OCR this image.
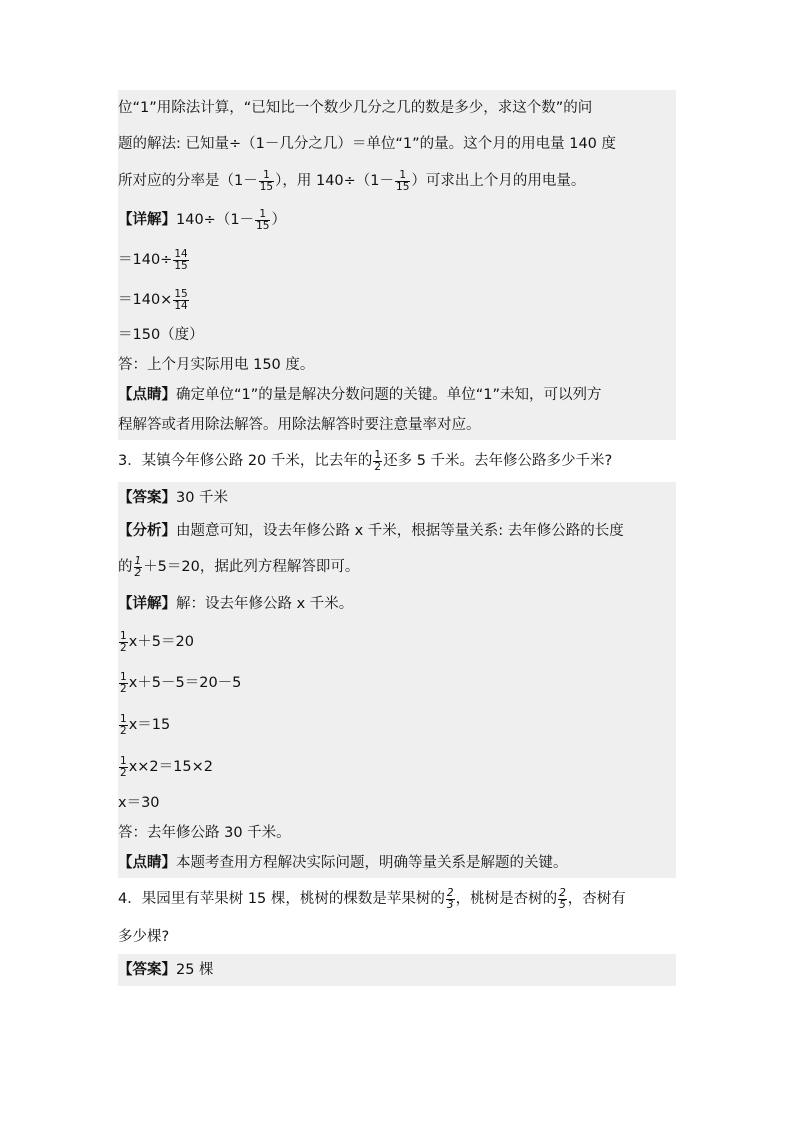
位“1”用除法计算，“已知比一个数少几分之几的数是多少，求这个数”的问
题的解法: 已知量÷（1－几分之几）＝单位“1”的量。这个月的用电量 140 度
所对应的分率是（$1- \frac{1}{15}$ ），用 $140\div(1- \frac{1}{15}$ ）可求出上个月的用电量。
【详解】$140\div(1- \frac{1}{15}$ ）
$=140\div \frac{14}{15}$
$=140\times \frac{15}{14}$
＝150（度）
答：上个月实际用电 150 度。
【点睛】确定单位“1”的量是解决分数问题的关键。单位“1”未知，可以列方
程解答或者用除法解答。用除法解答时要注意量率对应。
3．某镇今年修公路 20 千米，比去年的 $\frac{1}{2}$ 还多 5 千米。去年修公路多少千米?
【答案】30 千米
【分析】由题意可知，设去年修公路 x 千米，根据等量关系: 去年修公路的长度
的 $\frac{1}{2} +5=20$，据此列方程解答即可。
【详解】解：设去年修公路 x 千米。
$\frac{1}{2} x+5=20$
$\frac{1}{2} x+5-5=20-5$
$\frac{1}{2} x=15$
$\frac{1}{2} x\times 2=15\times 2$
x＝30
答：去年修公路 30 千米。
【点睛】本题考查用方程解决实际问题，明确等量关系是解题的关键。
4．果园里有苹果树 15 棵，桃树的棵数是苹果树的 $\frac{2}{3}$ ，桃树是杏树的 $\frac{2}{5}$ ，杏树有
多少棵?
【答案】25 棵
